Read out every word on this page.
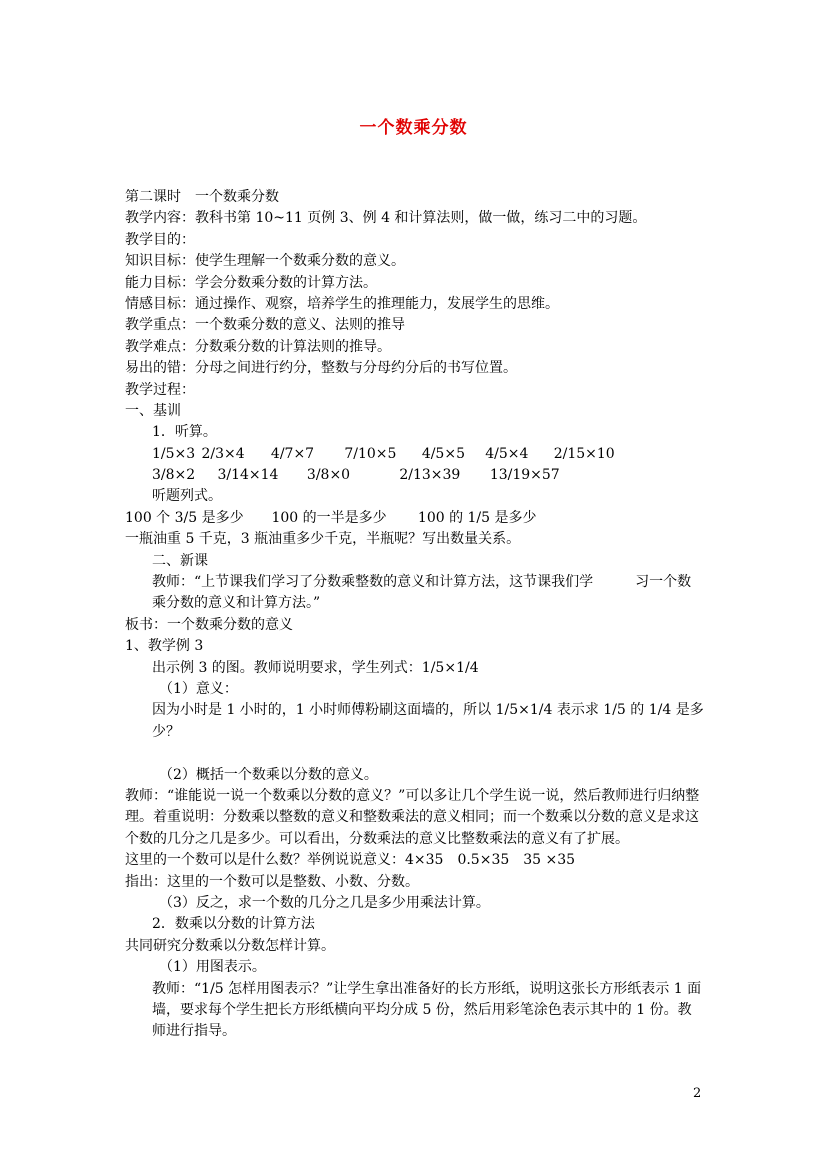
一个数乘分数
第二课时　一个数乘分数
教学内容：教科书第 10~11 页例 3、例 4 和计算法则，做一做，练习二中的习题。
教学目的：
知识目标：使学生理解一个数乘分数的意义。
能力目标：学会分数乘分数的计算方法。
情感目标：通过操作、观察，培养学生的推理能力，发展学生的思维。
教学重点：一个数乘分数的意义、法则的推导
教学难点：分数乘分数的计算法则的推导。
易出的错：分母之间进行约分，整数与分母约分后的书写位置。
教学过程：
一、基训
1．听算。
1/5×3 2/3×4 4/7×7 7/10×5 4/5×5 4/5×4 2/15×10
3/8×2 3/14×14 3/8×0	2/13×39 13/19×57
听题列式。
100 个 3/5 是多少 100 的一半是多少 100 的 1/5 是多少
一瓶油重 5 千克，3 瓶油重多少千克，半瓶呢？写出数量关系。
二、新课
教师：“上节课我们学习了分数乘整数的意义和计算方法，这节课我们学　　　习一个数乘分数的意义和计算方法。”
板书：一个数乘分数的意义
1、教学例 3
出示例 3 的图。教师说明要求，学生列式：1/5×1/4
（1）意义：
因为小时是 1 小时的，1 小时师傅粉刷这面墙的，所以 1/5×1/4 表示求 1/5 的 1/4 是多少？
（2）概括一个数乘以分数的意义。
教师：“谁能说一说一个数乘以分数的意义？”可以多让几个学生说一说，然后教师进行归纳整理。着重说明：分数乘以整数的意义和整数乘法的意义相同；而一个数乘以分数的意义是求这个数的几分之几是多少。可以看出，分数乘法的意义比整数乘法的意义有了扩展。
这里的一个数可以是什么数？举例说说意义：4×35　0.5×35　35 ×35
指出：这里的一个数可以是整数、小数、分数。
（3）反之，求一个数的几分之几是多少用乘法计算。
2．数乘以分数的计算方法
共同研究分数乘以分数怎样计算。
（1）用图表示。
教师：“1/5 怎样用图表示？”让学生拿出准备好的长方形纸，说明这张长方形纸表示 1 面墙，要求每个学生把长方形纸横向平均分成 5 份，然后用彩笔涂色表示其中的 1 份。教师进行指导。
2
